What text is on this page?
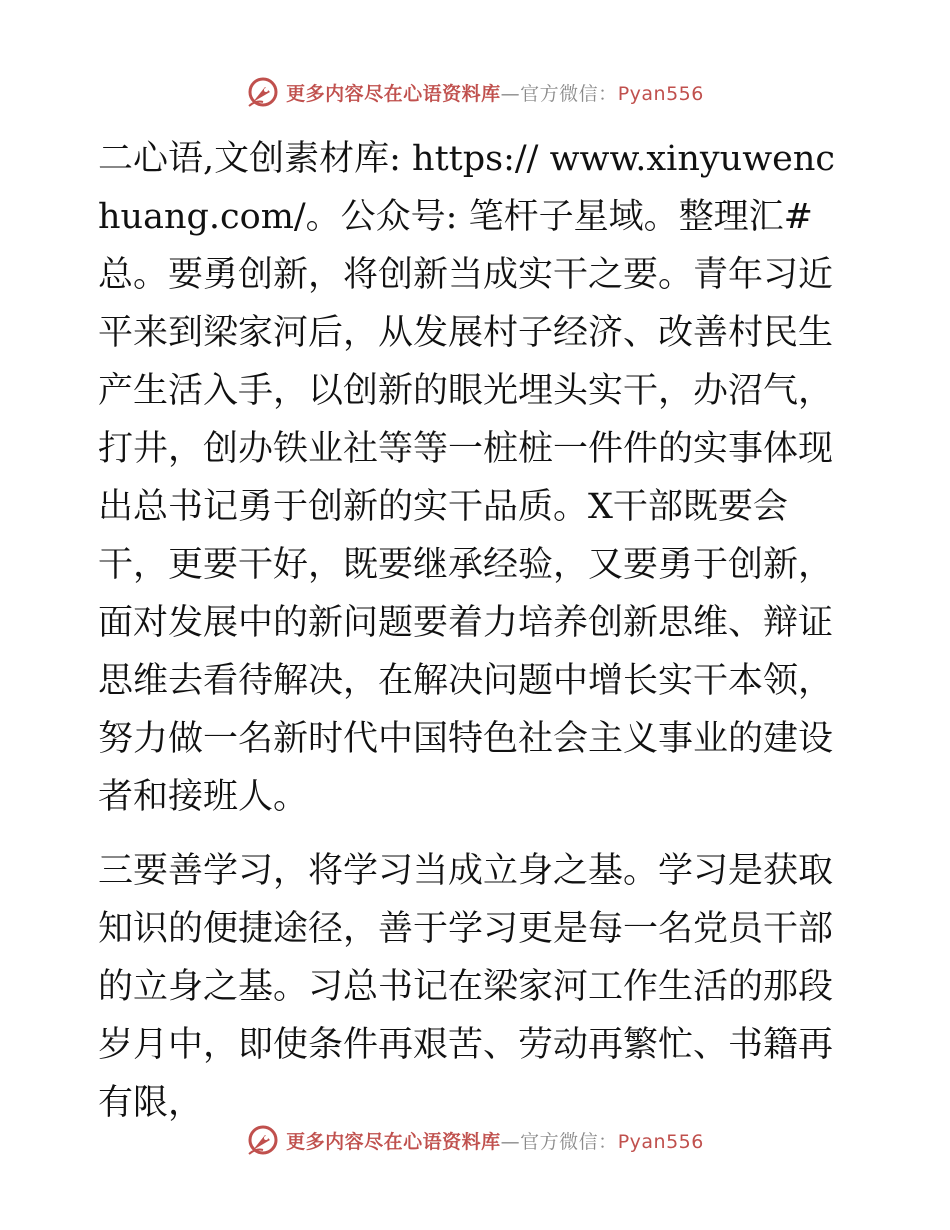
更多内容尽在心语资料库—官方微信：Pyan556

二心语,文创素材库: https:// www.xinyuwenchuang.com/。公众号: 笔杆子星域。整理汇#总。要勇创新，将创新当成实干之要。青年习近平来到梁家河后，从发展村子经济、改善村民生产生活入手，以创新的眼光埋头实干，办沼气，打井，创办铁业社等等一桩桩一件件的实事体现出总书记勇于创新的实干品质。X干部既要会干，更要干好，既要继承经验，又要勇于创新，面对发展中的新问题要着力培养创新思维、辩证思维去看待解决，在解决问题中增长实干本领，努力做一名新时代中国特色社会主义事业的建设者和接班人。

三要善学习，将学习当成立身之基。学习是获取知识的便捷途径，善于学习更是每一名党员干部的立身之基。习总书记在梁家河工作生活的那段岁月中，即使条件再艰苦、劳动再繁忙、书籍再有限，

更多内容尽在心语资料库—官方微信：Pyan556
